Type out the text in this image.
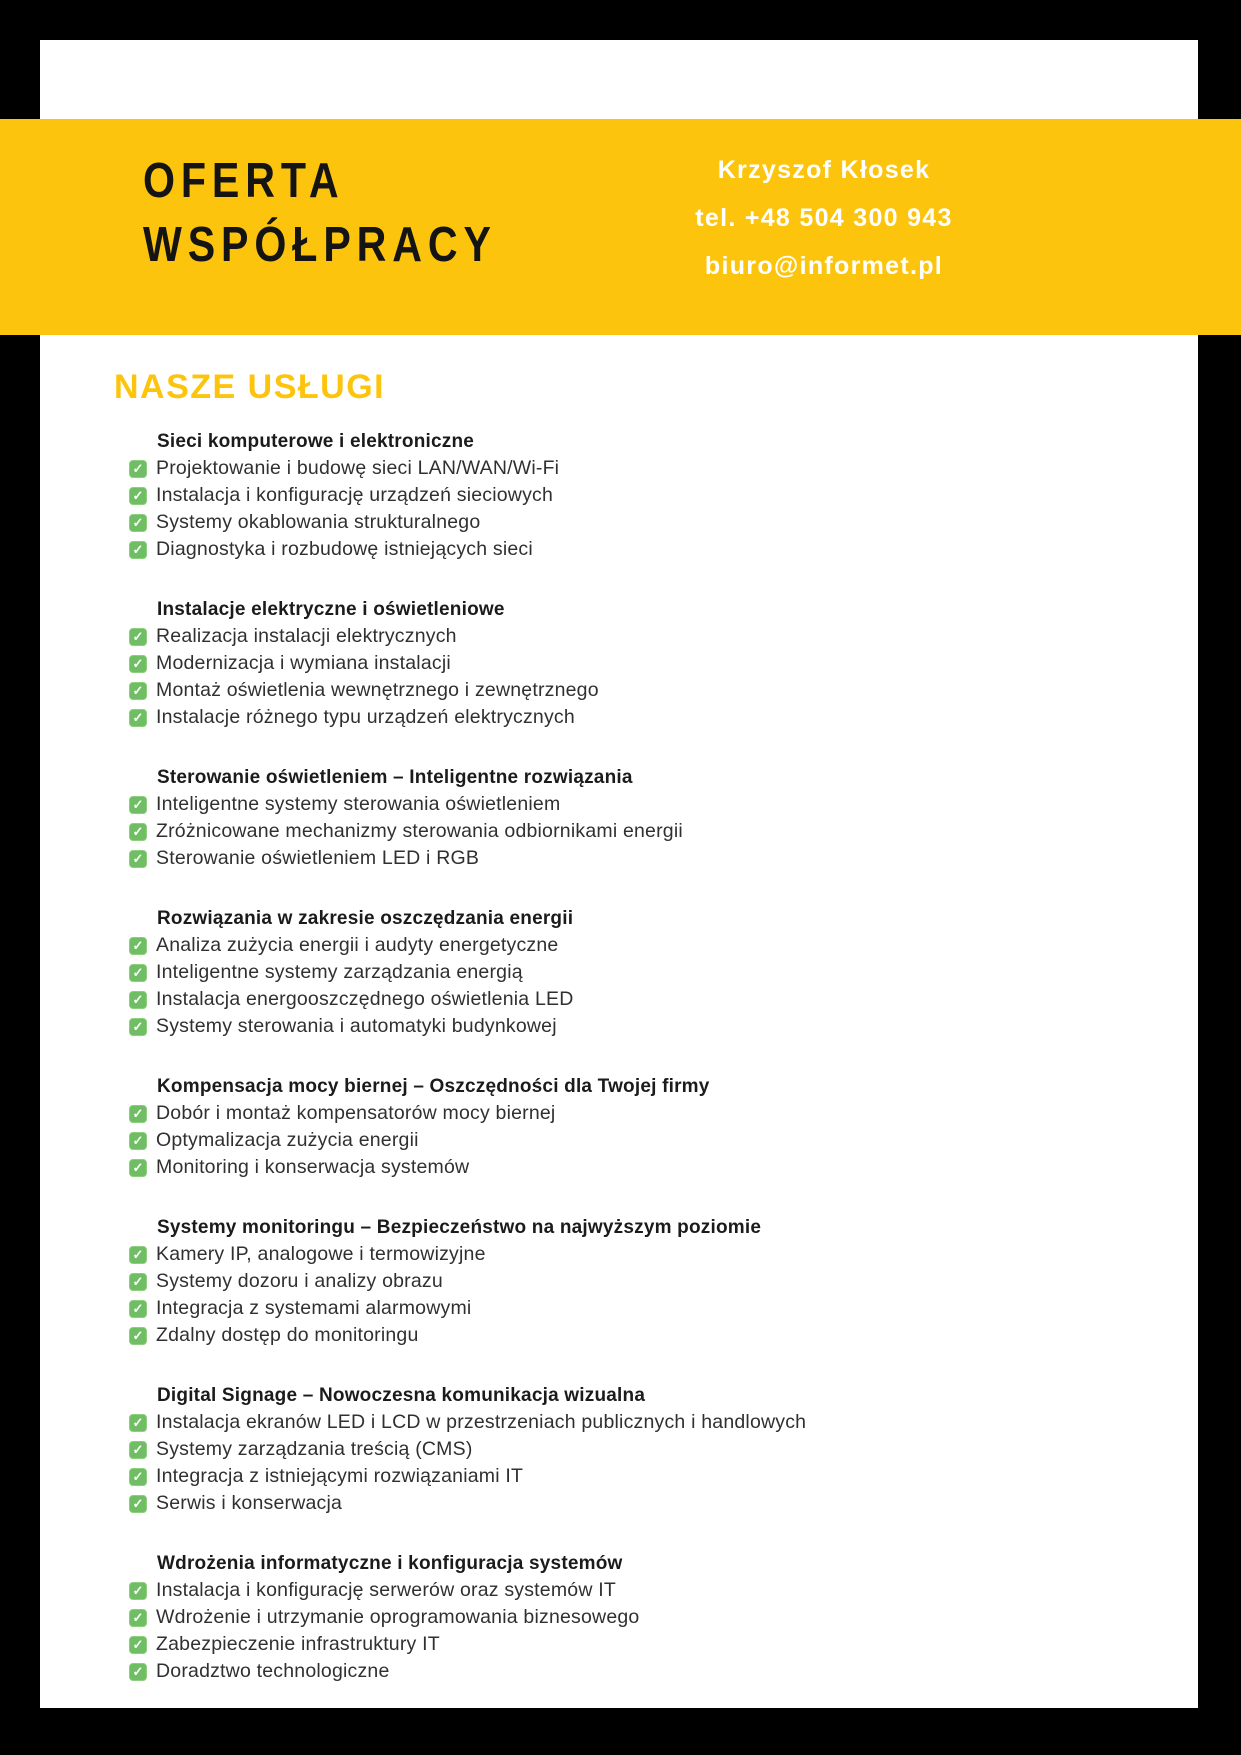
OFERTA
WSPÓŁPRACY
Krzyszof Kłosek
tel. +48 504 300 943
biuro@informet.pl
NASZE USŁUGI
Sieci komputerowe i elektroniczne
✓ Projektowanie i budowę sieci LAN/WAN/Wi-Fi
✓ Instalacja i konfigurację urządzeń sieciowych
✓ Systemy okablowania strukturalnego
✓ Diagnostyka i rozbudowę istniejących sieci
Instalacje elektryczne i oświetleniowe
✓ Realizacja instalacji elektrycznych
✓ Modernizacja i wymiana instalacji
✓ Montaż oświetlenia wewnętrznego i zewnętrznego
✓ Instalacje różnego typu urządzeń elektrycznych
Sterowanie oświetleniem – Inteligentne rozwiązania
✓ Inteligentne systemy sterowania oświetleniem
✓ Zróżnicowane mechanizmy sterowania odbiornikami energii
✓ Sterowanie oświetleniem LED i RGB
Rozwiązania w zakresie oszczędzania energii
✓ Analiza zużycia energii i audyty energetyczne
✓ Inteligentne systemy zarządzania energią
✓ Instalacja energooszczędnego oświetlenia LED
✓ Systemy sterowania i automatyki budynkowej
Kompensacja mocy biernej – Oszczędności dla Twojej firmy
✓ Dobór i montaż kompensatorów mocy biernej
✓ Optymalizacja zużycia energii
✓ Monitoring i konserwacja systemów
Systemy monitoringu – Bezpieczeństwo na najwyższym poziomie
✓ Kamery IP, analogowe i termowizyjne
✓ Systemy dozoru i analizy obrazu
✓ Integracja z systemami alarmowymi
✓ Zdalny dostęp do monitoringu
Digital Signage – Nowoczesna komunikacja wizualna
✓ Instalacja ekranów LED i LCD w przestrzeniach publicznych i handlowych
✓ Systemy zarządzania treścią (CMS)
✓ Integracja z istniejącymi rozwiązaniami IT
✓ Serwis i konserwacja
Wdrożenia informatyczne i konfiguracja systemów
✓ Instalacja i konfigurację serwerów oraz systemów IT
✓ Wdrożenie i utrzymanie oprogramowania biznesowego
✓ Zabezpieczenie infrastruktury IT
✓ Doradztwo technologiczne
